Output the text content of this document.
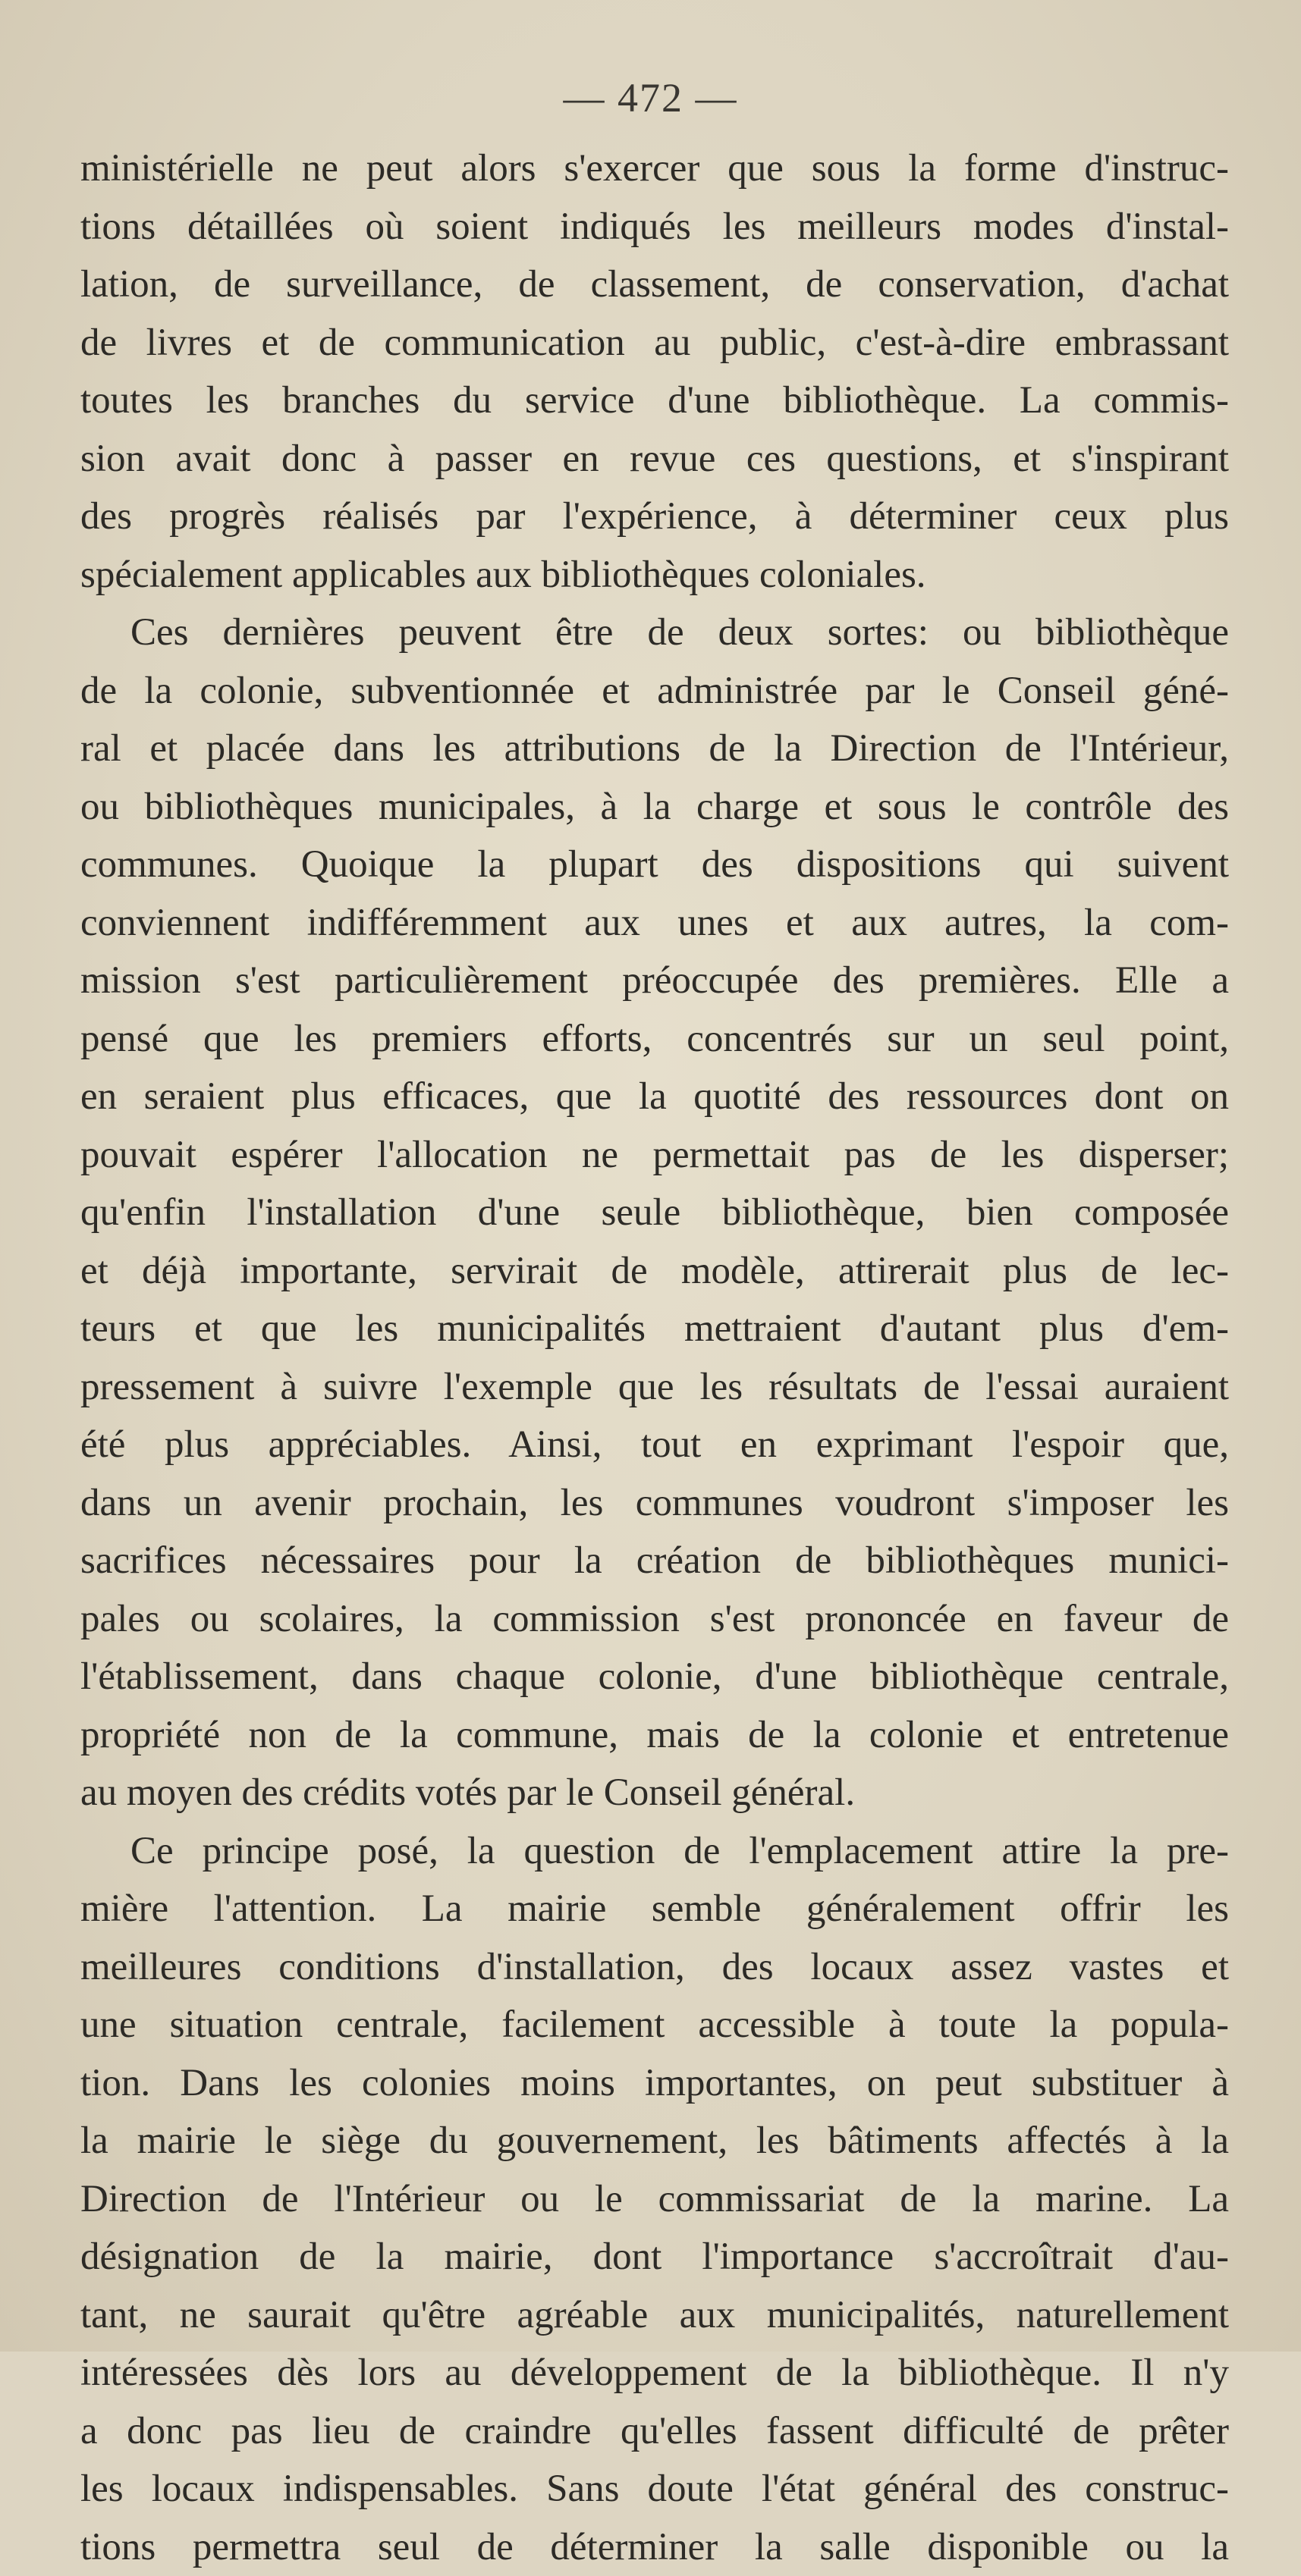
— 472 —
ministérielle ne peut alors s'exercer que sous la forme d'instruc-
tions détaillées où soient indiqués les meilleurs modes d'instal-
lation, de surveillance, de classement, de conservation, d'achat
de livres et de communication au public, c'est-à-dire embrassant
toutes les branches du service d'une bibliothèque. La commis-
sion avait donc à passer en revue ces questions, et s'inspirant
des progrès réalisés par l'expérience, à déterminer ceux plus
spécialement applicables aux bibliothèques coloniales.
Ces dernières peuvent être de deux sortes: ou bibliothèque
de la colonie, subventionnée et administrée par le Conseil géné-
ral et placée dans les attributions de la Direction de l'Intérieur,
ou bibliothèques municipales, à la charge et sous le contrôle des
communes. Quoique la plupart des dispositions qui suivent
conviennent indifféremment aux unes et aux autres, la com-
mission s'est particulièrement préoccupée des premières. Elle a
pensé que les premiers efforts, concentrés sur un seul point,
en seraient plus efficaces, que la quotité des ressources dont on
pouvait espérer l'allocation ne permettait pas de les disperser;
qu'enfin l'installation d'une seule bibliothèque, bien composée
et déjà importante, servirait de modèle, attirerait plus de lec-
teurs et que les municipalités mettraient d'autant plus d'em-
pressement à suivre l'exemple que les résultats de l'essai auraient
été plus appréciables. Ainsi, tout en exprimant l'espoir que,
dans un avenir prochain, les communes voudront s'imposer les
sacrifices nécessaires pour la création de bibliothèques munici-
pales ou scolaires, la commission s'est prononcée en faveur de
l'établissement, dans chaque colonie, d'une bibliothèque centrale,
propriété non de la commune, mais de la colonie et entretenue
au moyen des crédits votés par le Conseil général.
Ce principe posé, la question de l'emplacement attire la pre-
mière l'attention. La mairie semble généralement offrir les
meilleures conditions d'installation, des locaux assez vastes et
une situation centrale, facilement accessible à toute la popula-
tion. Dans les colonies moins importantes, on peut substituer à
la mairie le siège du gouvernement, les bâtiments affectés à la
Direction de l'Intérieur ou le commissariat de la marine. La
désignation de la mairie, dont l'importance s'accroîtrait d'au-
tant, ne saurait qu'être agréable aux municipalités, naturellement
intéressées dès lors au développement de la bibliothèque. Il n'y
a donc pas lieu de craindre qu'elles fassent difficulté de prêter
les locaux indispensables. Sans doute l'état général des construc-
tions permettra seul de déterminer la salle disponible ou la
